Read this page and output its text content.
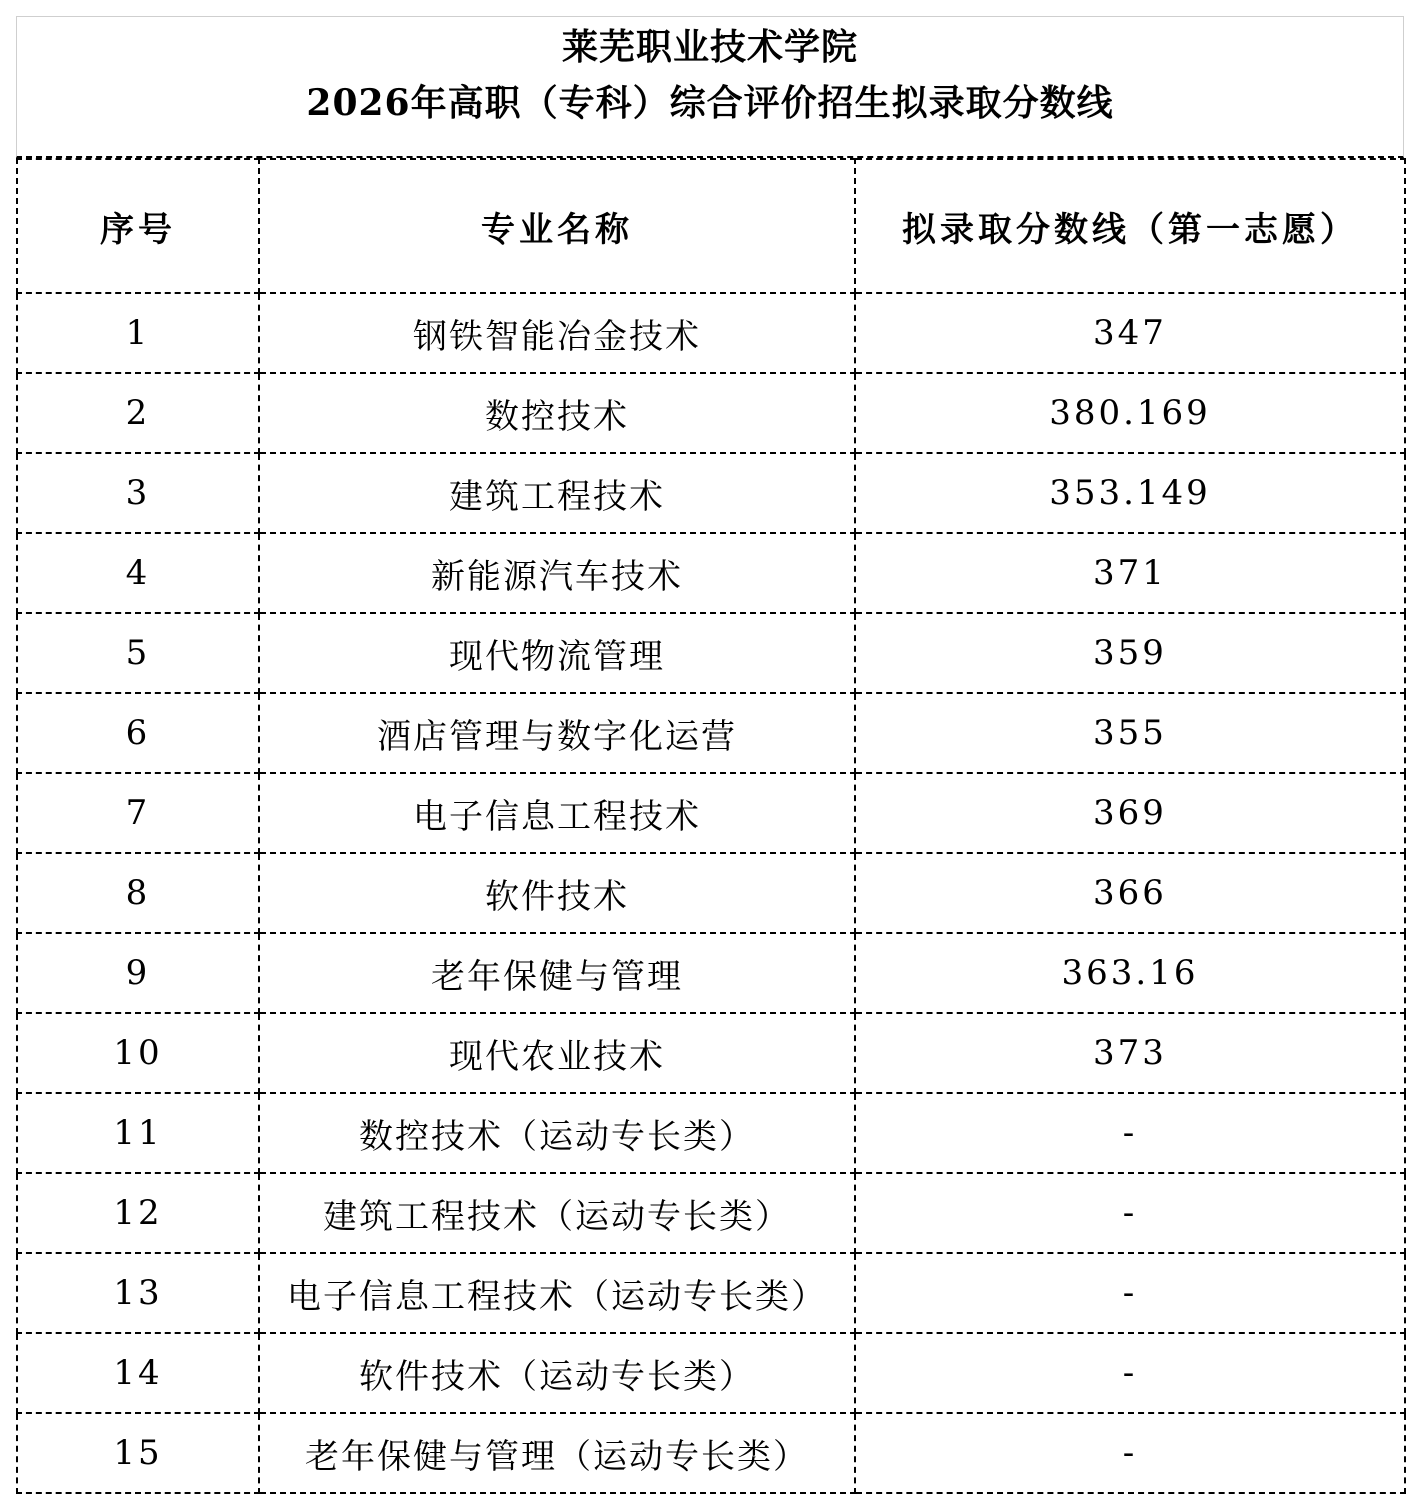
莱芜职业技术学院
2026年高职（专科）综合评价招生拟录取分数线
序号	专业名称	拟录取分数线（第一志愿）
1	钢铁智能冶金技术	347
2	数控技术	380.169
3	建筑工程技术	353.149
4	新能源汽车技术	371
5	现代物流管理	359
6	酒店管理与数字化运营	355
7	电子信息工程技术	369
8	软件技术	366
9	老年保健与管理	363.16
10	现代农业技术	373
11	数控技术（运动专长类）	-
12	建筑工程技术（运动专长类）	-
13	电子信息工程技术（运动专长类）	-
14	软件技术（运动专长类）	-
15	老年保健与管理（运动专长类）	-
